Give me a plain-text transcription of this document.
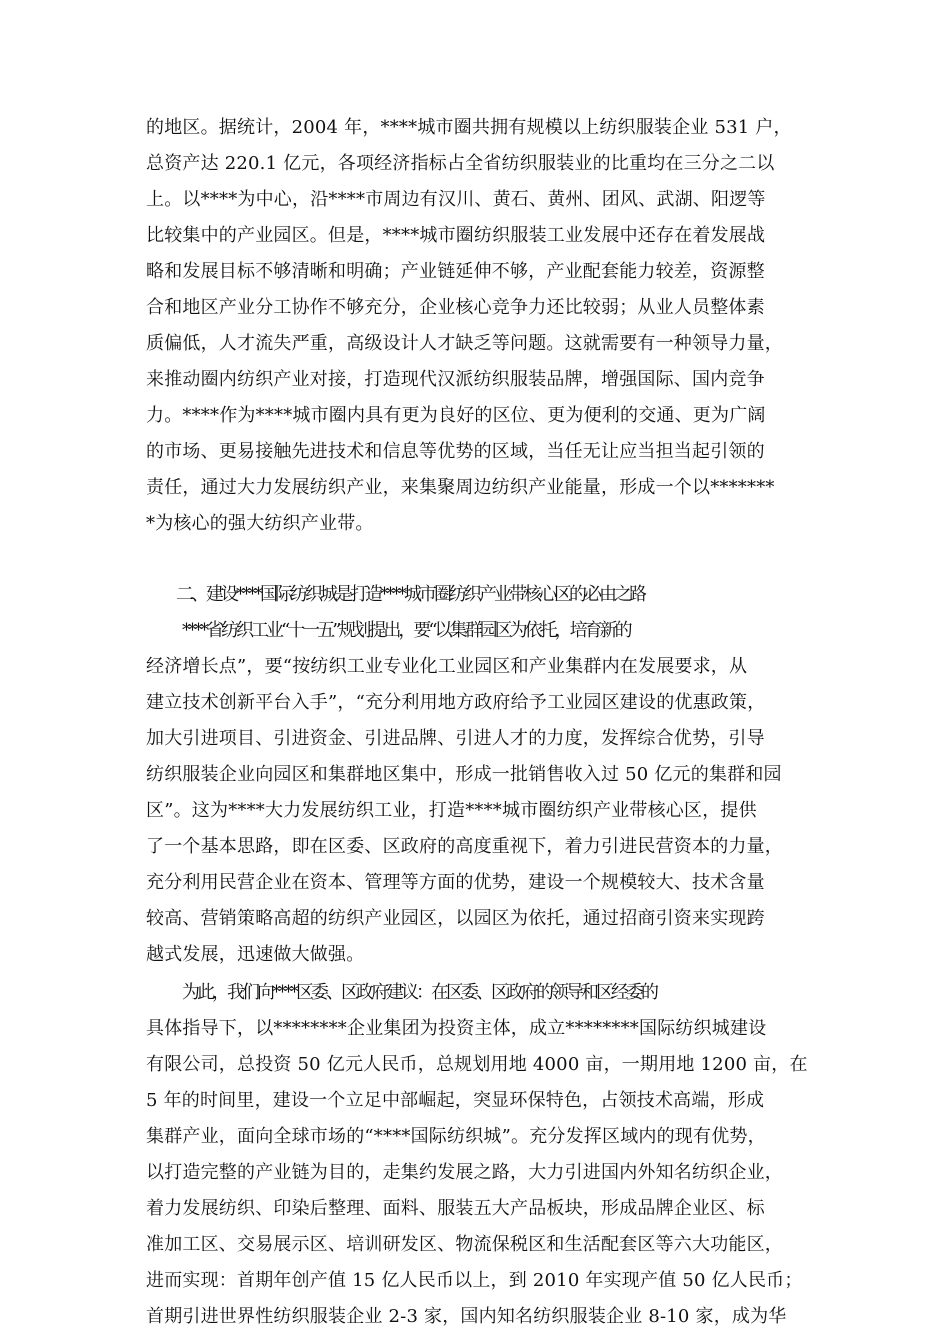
的地区。据统计，2004 年，****城市圈共拥有规模以上纺织服装企业 531 户，
总资产达 220.1 亿元，各项经济指标占全省纺织服装业的比重均在三分之二以
上。以****为中心，沿****市周边有汉川、黄石、黄州、团风、武湖、阳逻等
比较集中的产业园区。但是，****城市圈纺织服装工业发展中还存在着发展战
略和发展目标不够清晰和明确；产业链延伸不够，产业配套能力较差，资源整
合和地区产业分工协作不够充分，企业核心竞争力还比较弱；从业人员整体素
质偏低，人才流失严重，高级设计人才缺乏等问题。这就需要有一种领导力量，
来推动圈内纺织产业对接，打造现代汉派纺织服装品牌，增强国际、国内竞争
力。****作为****城市圈内具有更为良好的区位、更为便利的交通、更为广阔
的市场、更易接触先进技术和信息等优势的区域，当任无让应当担当起引领的
责任，通过大力发展纺织产业，来集聚周边纺织产业能量，形成一个以*******
*为核心的强大纺织产业带。
二、建设****国际纺织城是打造****城市圈纺织产业带核心区的必由之路
****省纺织工业“十一五”规划提出，要“以集群园区为依托，培育新的
经济增长点”，要“按纺织工业专业化工业园区和产业集群内在发展要求，从
建立技术创新平台入手”，“充分利用地方政府给予工业园区建设的优惠政策，
加大引进项目、引进资金、引进品牌、引进人才的力度，发挥综合优势，引导
纺织服装企业向园区和集群地区集中，形成一批销售收入过 50 亿元的集群和园
区”。这为****大力发展纺织工业，打造****城市圈纺织产业带核心区，提供
了一个基本思路，即在区委、区政府的高度重视下，着力引进民营资本的力量，
充分利用民营企业在资本、管理等方面的优势，建设一个规模较大、技术含量
较高、营销策略高超的纺织产业园区，以园区为依托，通过招商引资来实现跨
越式发展，迅速做大做强。
为此，我们向****区委、区政府建议：在区委、区政府的领导和区经委的
具体指导下，以********企业集团为投资主体，成立********国际纺织城建设
有限公司，总投资 50 亿元人民币，总规划用地 4000 亩，一期用地 1200 亩，在
5 年的时间里，建设一个立足中部崛起，突显环保特色，占领技术高端，形成
集群产业，面向全球市场的“****国际纺织城”。充分发挥区域内的现有优势，
以打造完整的产业链为目的，走集约发展之路，大力引进国内外知名纺织企业，
着力发展纺织、印染后整理、面料、服装五大产品板块，形成品牌企业区、标
准加工区、交易展示区、培训研发区、物流保税区和生活配套区等六大功能区，
进而实现：首期年创产值 15 亿人民币以上，到 2010 年实现产值 50 亿人民币；
首期引进世界性纺织服装企业 2-3 家，国内知名纺织服装企业 8-10 家，成为华
